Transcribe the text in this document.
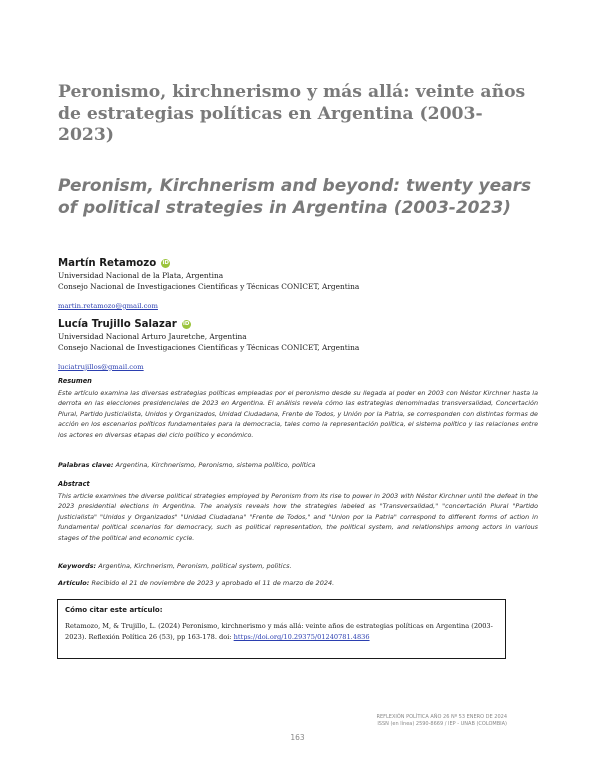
Peronismo, kirchnerismo y más allá: veinte años de estrategias políticas en Argentina (2003-2023)
Peronism, Kirchnerism and beyond: twenty years of political strategies in Argentina (2003-2023)
Martín Retamozo iD
Universidad Nacional de la Plata, Argentina
Consejo Nacional de Investigaciones Científicas y Técnicas CONICET, Argentina
martin.retamozo@gmail.com
Lucía Trujillo Salazar iD
Universidad Nacional Arturo Jauretche, Argentina
Consejo Nacional de Investigaciones Científicas y Técnicas CONICET, Argentina
luciatrujillos@gmail.com
Resumen

Este artículo examina las diversas estrategias políticas empleadas por el peronismo desde su llegada al poder en 2003 con Néstor Kirchner hasta la derrota en las elecciones presidenciales de 2023 en Argentina. El análisis revela cómo las estrategias denominadas transversalidad, Concertación Plural, Partido Justicialista, Unidos y Organizados, Unidad Ciudadana, Frente de Todos, y Unión por la Patria, se corresponden con distintas formas de acción en los escenarios políticos fundamentales para la democracia, tales como la representación política, el sistema político y las relaciones entre los actores en diversas etapas del ciclo político y económico.

Palabras clave: Argentina, Kirchnerismo, Peronismo, sistema político, política
Abstract

This article examines the diverse political strategies employed by Peronism from its rise to power in 2003 with Néstor Kirchner until the defeat in the 2023 presidential elections in Argentina. The analysis reveals how the strategies labeled as "Transversalidad," "concertación Plural "Partido Justicialista" "Unidos y Organizados" "Unidad Ciudadana" "Frente de Todos," and "Union por la Patria" correspond to different forms of action in fundamental political scenarios for democracy, such as political representation, the political system, and relationships among actors in various stages of the political and economic cycle.

Keywords: Argentina, Kirchnerism, Peronism, political system, politics.
Artículo: Recibido el 21 de noviembre de 2023 y aprobado el 11 de marzo de 2024.
Cómo citar este artículo:
Retamozo, M, & Trujillo, L. (2024) Peronismo, kirchnerismo y más allá: veinte años de estrategias políticas en Argentina (2003-2023). Reflexión Política 26 (53), pp 163-178. doi: https://doi.org/10.29375/01240781.4836
REFLEXIÓN POLÍTICA AÑO 26 Nº 53 ENERO DE 2024
ISSN (en línea) 2590-8669 / IEP - UNAB (COLOMBIA)
163
